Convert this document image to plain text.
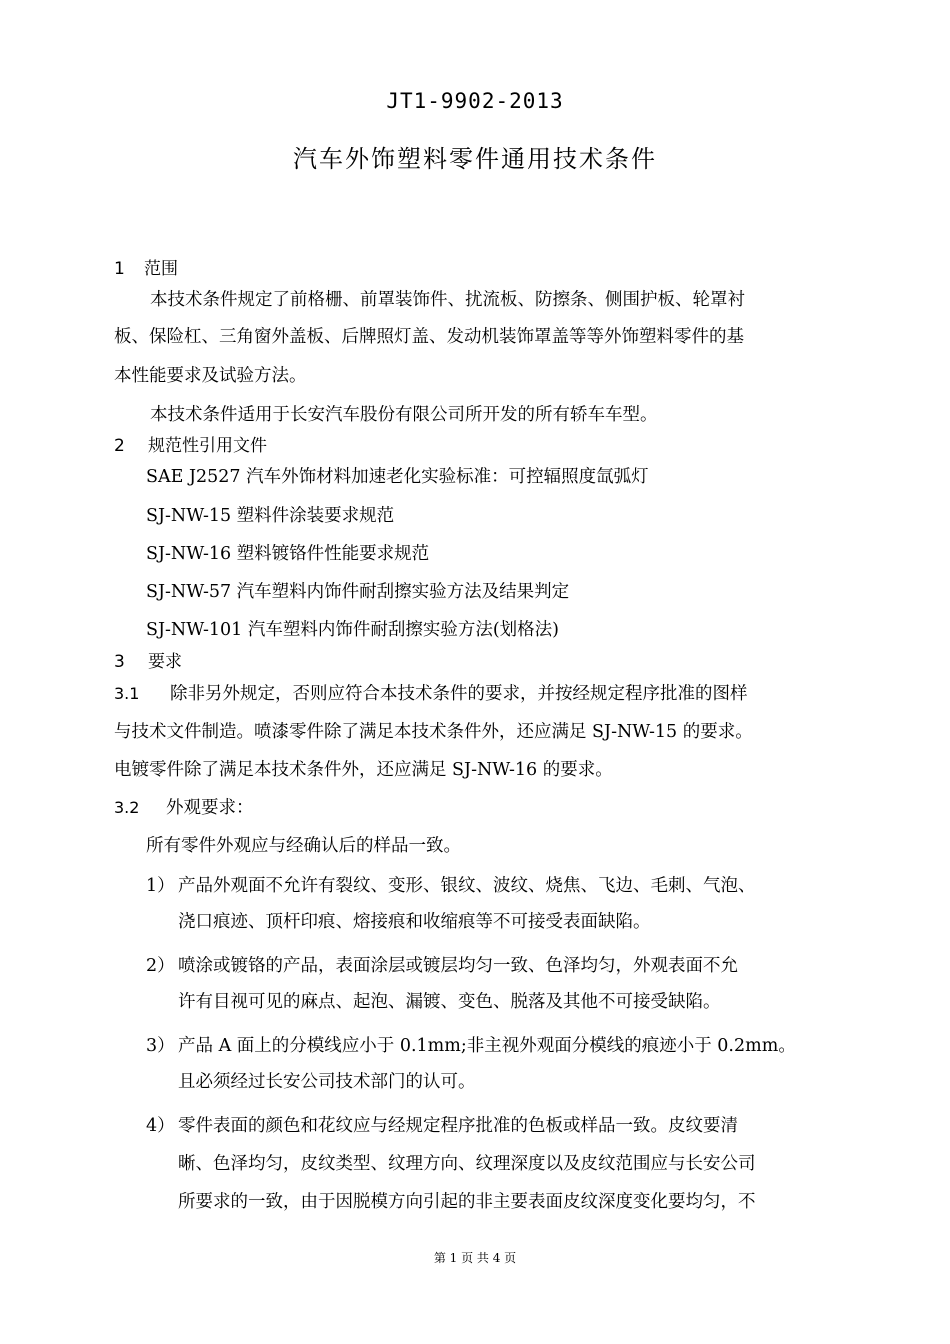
JT1-9902-2013
汽车外饰塑料零件通用技术条件
1 范围
本技术条件规定了前格栅、前罩装饰件、扰流板、防擦条、侧围护板、轮罩衬
板、保险杠、三角窗外盖板、后牌照灯盖、发动机装饰罩盖等等外饰塑料零件的基
本性能要求及试验方法。
本技术条件适用于长安汽车股份有限公司所开发的所有轿车车型。
2 规范性引用文件
SAE J2527 汽车外饰材料加速老化实验标准：可控辐照度氙弧灯
SJ-NW-15 塑料件涂装要求规范
SJ-NW-16 塑料镀铬件性能要求规范
SJ-NW-57 汽车塑料内饰件耐刮擦实验方法及结果判定
SJ-NW-101 汽车塑料内饰件耐刮擦实验方法(划格法)
3 要求
3.1 除非另外规定，否则应符合本技术条件的要求，并按经规定程序批准的图样
与技术文件制造。喷漆零件除了满足本技术条件外，还应满足 SJ-NW-15 的要求。
电镀零件除了满足本技术条件外，还应满足 SJ-NW-16 的要求。
3.2 外观要求：
所有零件外观应与经确认后的样品一致。
1） 产品外观面不允许有裂纹、变形、银纹、波纹、烧焦、飞边、毛刺、气泡、
浇口痕迹、顶杆印痕、熔接痕和收缩痕等不可接受表面缺陷。
2） 喷涂或镀铬的产品，表面涂层或镀层均匀一致、色泽均匀，外观表面不允
许有目视可见的麻点、起泡、漏镀、变色、脱落及其他不可接受缺陷。
3） 产品 A 面上的分模线应小于 0.1mm;非主视外观面分模线的痕迹小于 0.2mm。
且必须经过长安公司技术部门的认可。
4） 零件表面的颜色和花纹应与经规定程序批准的色板或样品一致。皮纹要清
晰、色泽均匀，皮纹类型、纹理方向、纹理深度以及皮纹范围应与长安公司
所要求的一致，由于因脱模方向引起的非主要表面皮纹深度变化要均匀，不
第 1 页 共 4 页
